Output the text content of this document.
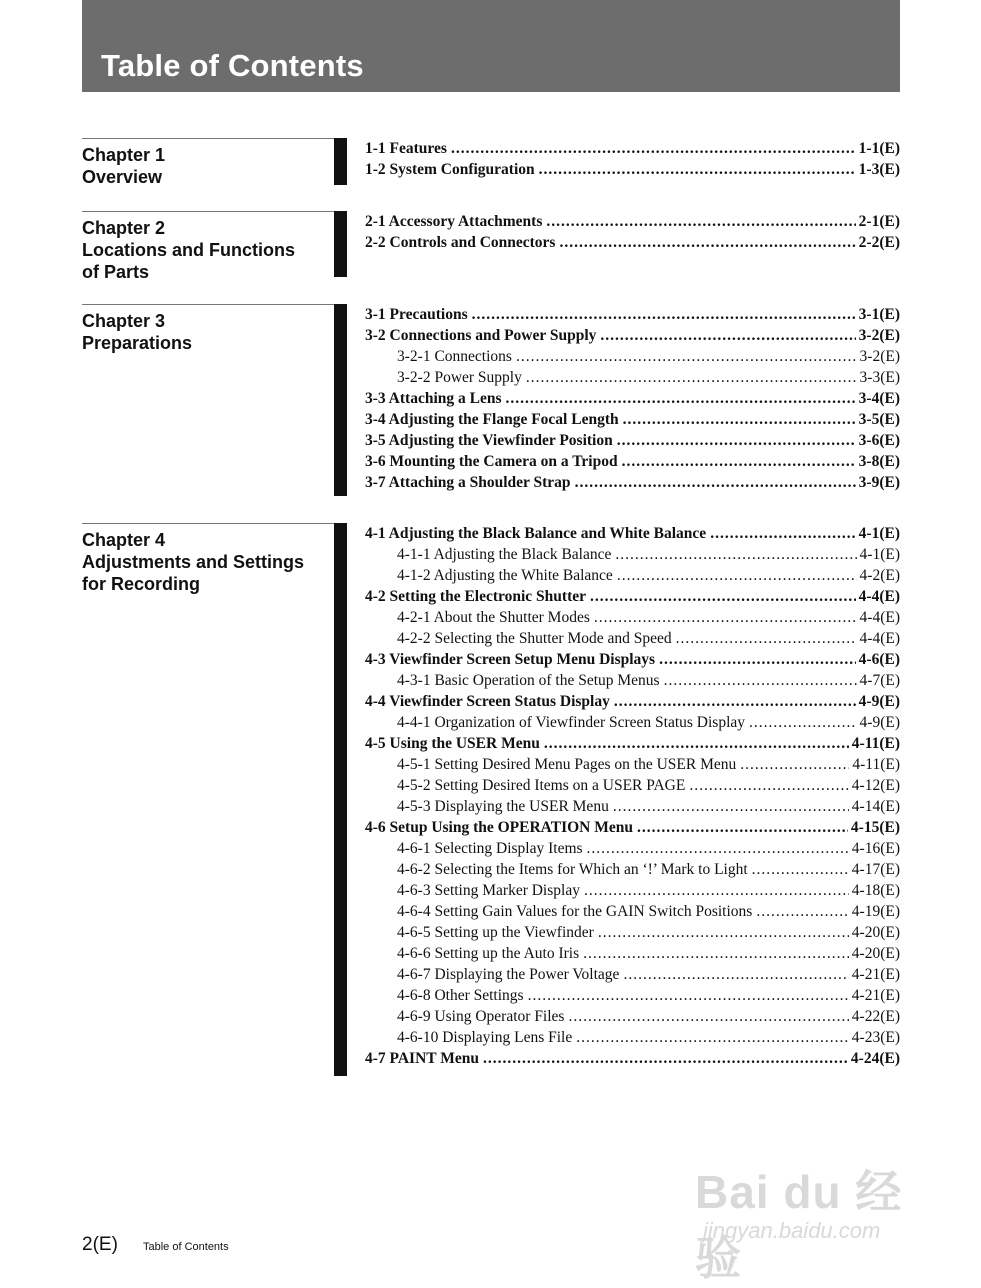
Table of Contents
Chapter 1
Overview
1-1 Features .....	1-1(E)
1-2 System Configuration .....	1-3(E)
Chapter 2
Locations and Functions
of Parts
2-1 Accessory Attachments .....	2-1(E)
2-2 Controls and Connectors .....	2-2(E)
Chapter 3
Preparations
3-1 Precautions .....	3-1(E)
3-2 Connections and Power Supply .....	3-2(E)
3-2-1 Connections .....	3-2(E)
3-2-2 Power Supply .....	3-3(E)
3-3 Attaching a Lens .....	3-4(E)
3-4 Adjusting the Flange Focal Length .....	3-5(E)
3-5 Adjusting the Viewfinder Position .....	3-6(E)
3-6 Mounting the Camera on a Tripod .....	3-8(E)
3-7 Attaching a Shoulder Strap .....	3-9(E)
Chapter 4
Adjustments and Settings
for Recording
4-1 Adjusting the Black Balance and White Balance .....	4-1(E)
4-1-1 Adjusting the Black Balance .....	4-1(E)
4-1-2 Adjusting the White Balance .....	4-2(E)
4-2 Setting the Electronic Shutter .....	4-4(E)
4-2-1 About the Shutter Modes .....	4-4(E)
4-2-2 Selecting the Shutter Mode and Speed .....	4-4(E)
4-3 Viewfinder Screen Setup Menu Displays .....	4-6(E)
4-3-1 Basic Operation of the Setup Menus .....	4-7(E)
4-4 Viewfinder Screen Status Display .....	4-9(E)
4-4-1 Organization of Viewfinder Screen Status Display .....	4-9(E)
4-5 Using the USER Menu .....	4-11(E)
4-5-1 Setting Desired Menu Pages on the USER Menu .....	4-11(E)
4-5-2 Setting Desired Items on a USER PAGE .....	4-12(E)
4-5-3 Displaying the USER Menu .....	4-14(E)
4-6 Setup Using the OPERATION Menu .....	4-15(E)
4-6-1 Selecting Display Items .....	4-16(E)
4-6-2 Selecting the Items for Which an ‘!’ Mark to Light .....	4-17(E)
4-6-3 Setting Marker Display .....	4-18(E)
4-6-4 Setting Gain Values for the GAIN Switch Positions .....	4-19(E)
4-6-5 Setting up the Viewfinder .....	4-20(E)
4-6-6 Setting up the Auto Iris .....	4-20(E)
4-6-7 Displaying the Power Voltage .....	4-21(E)
4-6-8 Other Settings .....	4-21(E)
4-6-9 Using Operator Files .....	4-22(E)
4-6-10 Displaying Lens File .....	4-23(E)
4-7 PAINT Menu .....	4-24(E)
2(E) Table of Contents
Bai du 经验
jingyan.baidu.com
